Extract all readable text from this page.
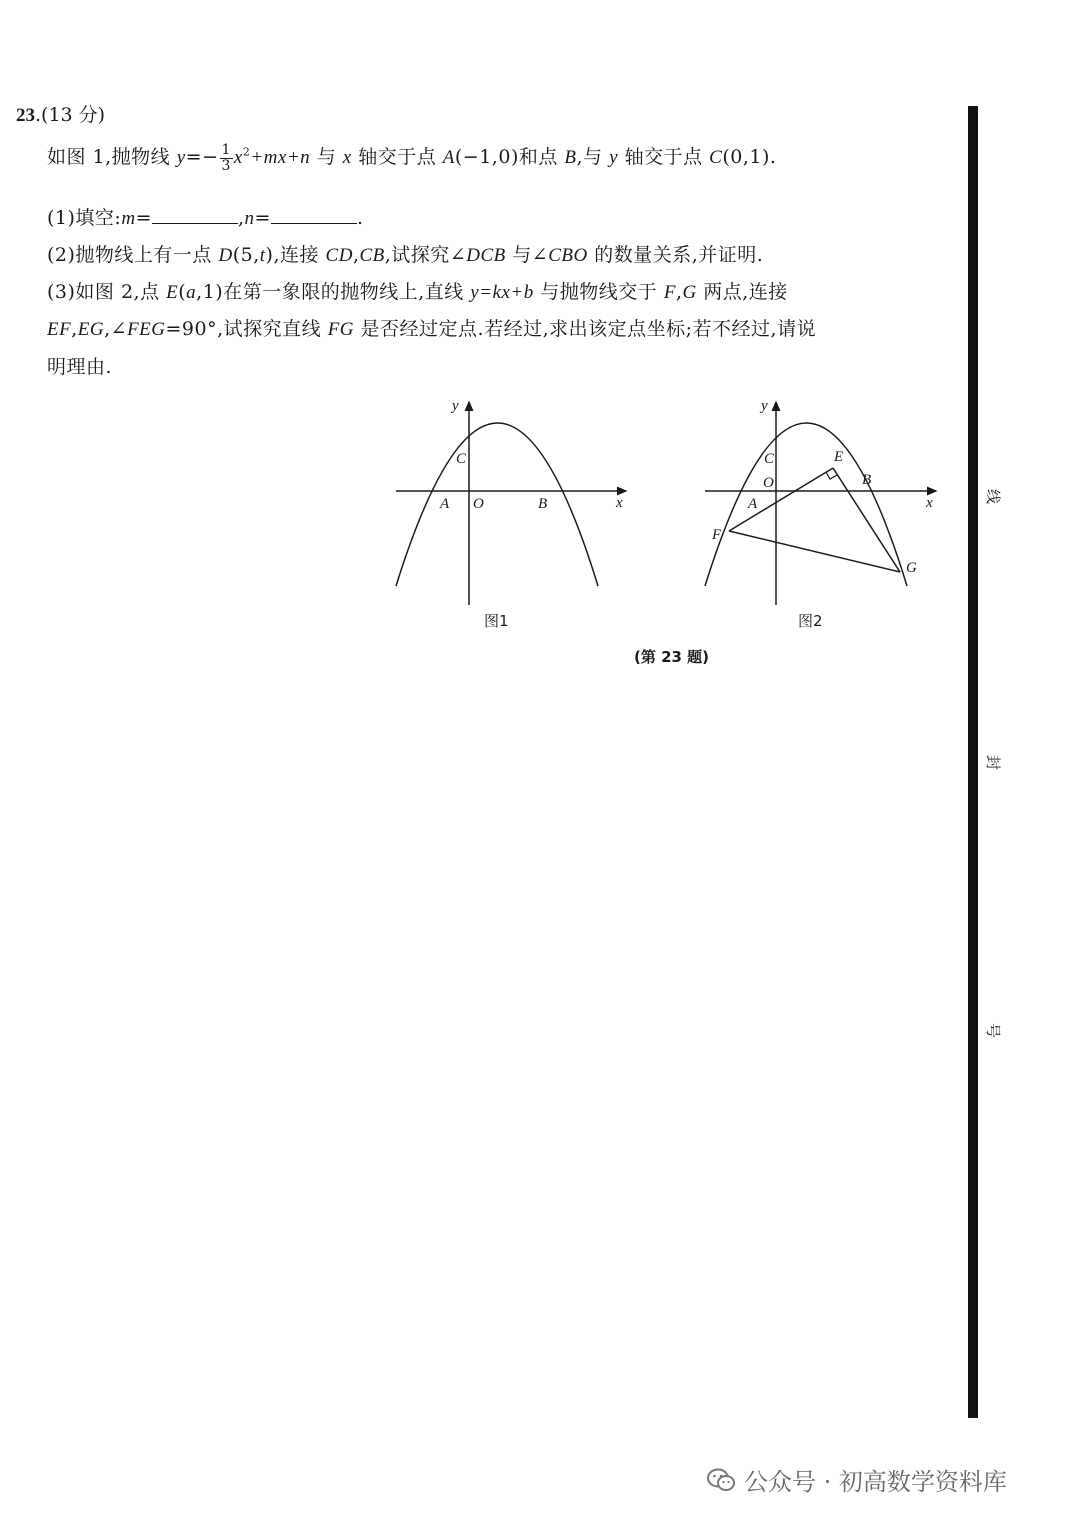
23.(13 分)
如图 1,抛物线 $y=- \frac{1}{3} x^2+mx+n$ 与 x 轴交于点 A(−1,0)和点 B,与 y 轴交于点 C(0,1).
(1)填空:m=	,n=	.
(2)抛物线上有一点 D(5,t),连接 CD,CB,试探究∠DCB 与∠CBO 的数量关系,并证明.
(3)如图 2,点 E(a,1)在第一象限的抛物线上,直线 y=kx+b 与抛物线交于 F,G 两点,连接
EF,EG,∠FEG=90°,试探究直线 FG 是否经过定点.若经过,求出该定点坐标;若不经过,请说
明理由.
y
x
C
A O	B
y
x
C	E
B
O
A
F
G
图1	图2
(第 23 题)
线
封
号
公众号 · 初高数学资料库
